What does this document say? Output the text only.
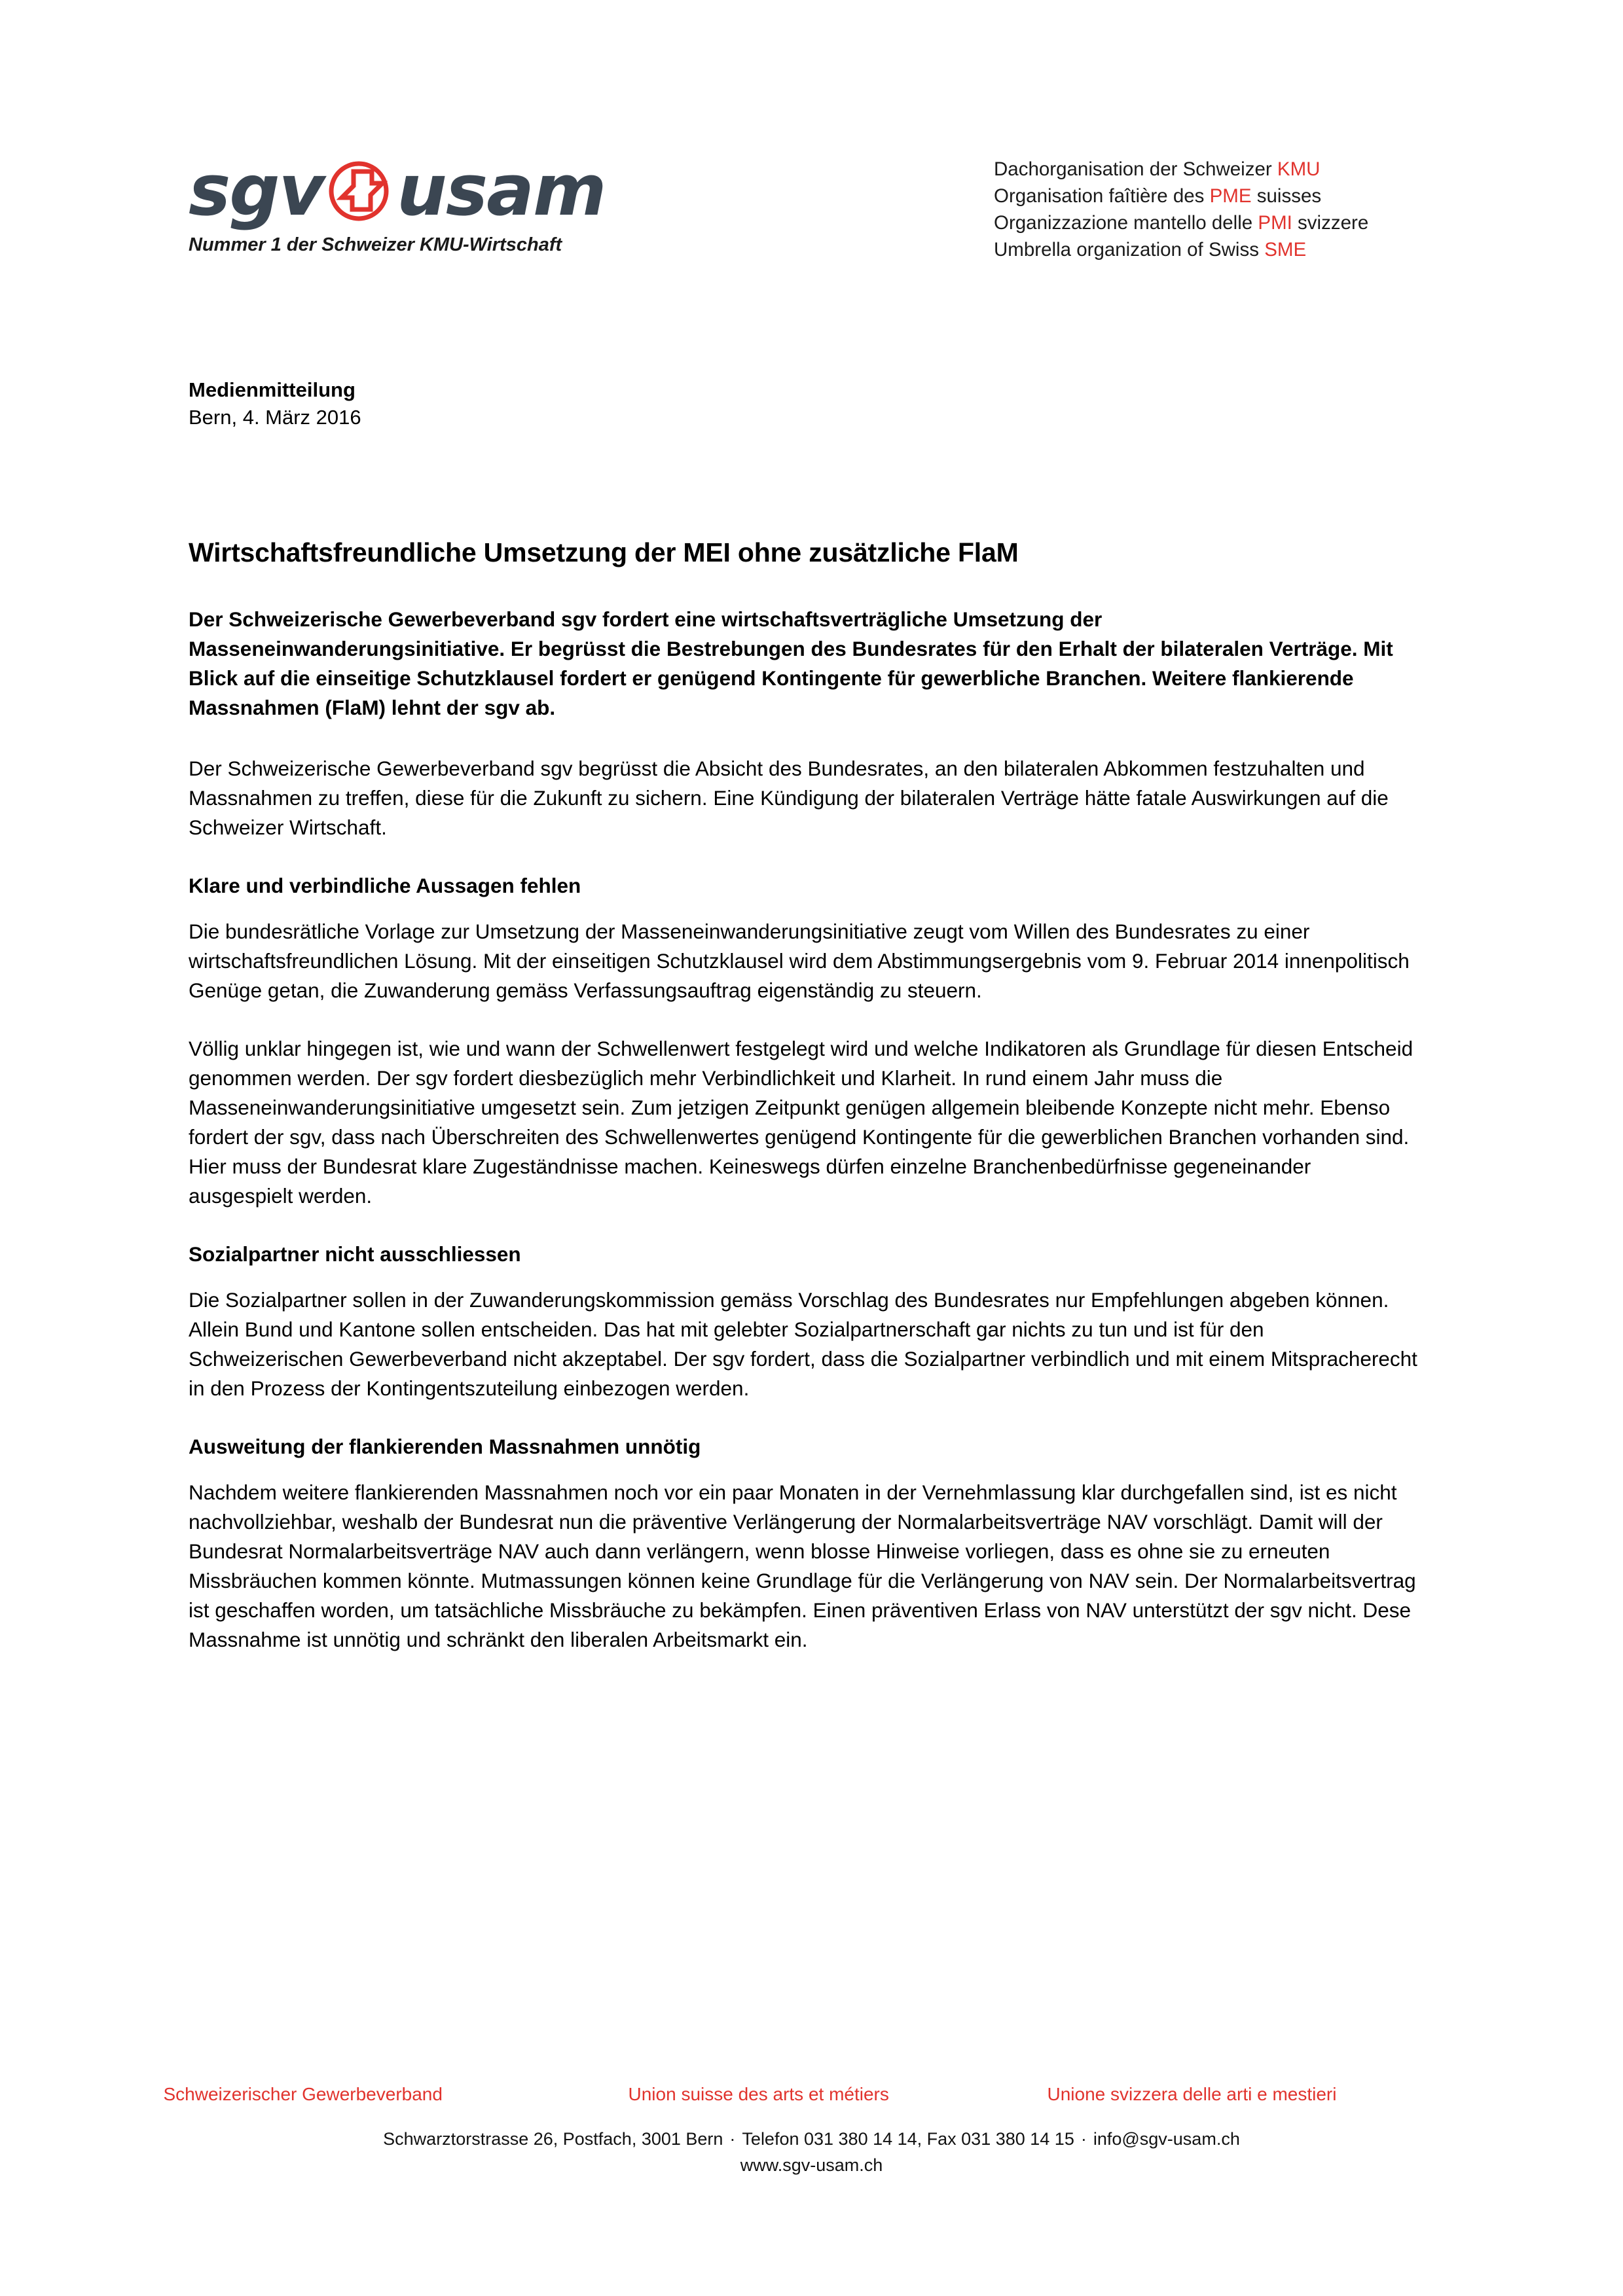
sgv usam
Nummer 1 der Schweizer KMU-Wirtschaft
Dachorganisation der Schweizer KMU
Organisation faîtière des PME suisses
Organizzazione mantello delle PMI svizzere
Umbrella organization of Swiss SME
Medienmitteilung
Bern, 4. März 2016
Wirtschaftsfreundliche Umsetzung der MEI ohne zusätzliche FlaM

Der Schweizerische Gewerbeverband sgv fordert eine wirtschaftsverträgliche Umsetzung der Masseneinwanderungsinitiative. Er begrüsst die Bestrebungen des Bundesrates für den Erhalt der bilateralen Verträge. Mit Blick auf die einseitige Schutzklausel fordert er genügend Kontingente für gewerbliche Branchen. Weitere flankierende Massnahmen (FlaM) lehnt der sgv ab.

Der Schweizerische Gewerbeverband sgv begrüsst die Absicht des Bundesrates, an den bilateralen Abkommen festzuhalten und Massnahmen zu treffen, diese für die Zukunft zu sichern. Eine Kündigung der bilateralen Verträge hätte fatale Auswirkungen auf die Schweizer Wirtschaft.

Klare und verbindliche Aussagen fehlen

Die bundesrätliche Vorlage zur Umsetzung der Masseneinwanderungsinitiative zeugt vom Willen des Bundesrates zu einer wirtschaftsfreundlichen Lösung. Mit der einseitigen Schutzklausel wird dem Abstimmungsergebnis vom 9. Februar 2014 innenpolitisch Genüge getan, die Zuwanderung gemäss Verfassungsauftrag eigenständig zu steuern.

Völlig unklar hingegen ist, wie und wann der Schwellenwert festgelegt wird und welche Indikatoren als Grundlage für diesen Entscheid genommen werden. Der sgv fordert diesbezüglich mehr Verbindlichkeit und Klarheit. In rund einem Jahr muss die Masseneinwanderungsinitiative umgesetzt sein. Zum jetzigen Zeitpunkt genügen allgemein bleibende Konzepte nicht mehr. Ebenso fordert der sgv, dass nach Überschreiten des Schwellenwertes genügend Kontingente für die gewerblichen Branchen vorhanden sind. Hier muss der Bundesrat klare Zugeständnisse machen. Keineswegs dürfen einzelne Branchenbedürfnisse gegeneinander ausgespielt werden.

Sozialpartner nicht ausschliessen

Die Sozialpartner sollen in der Zuwanderungskommission gemäss Vorschlag des Bundesrates nur Empfehlungen abgeben können. Allein Bund und Kantone sollen entscheiden. Das hat mit gelebter Sozialpartnerschaft gar nichts zu tun und ist für den Schweizerischen Gewerbeverband nicht akzeptabel. Der sgv fordert, dass die Sozialpartner verbindlich und mit einem Mitspracherecht in den Prozess der Kontingentszuteilung einbezogen werden.

Ausweitung der flankierenden Massnahmen unnötig

Nachdem weitere flankierenden Massnahmen noch vor ein paar Monaten in der Vernehmlassung klar durchgefallen sind, ist es nicht nachvollziehbar, weshalb der Bundesrat nun die präventive Verlängerung der Normalarbeitsverträge NAV vorschlägt. Damit will der Bundesrat Normalarbeitsverträge NAV auch dann verlängern, wenn blosse Hinweise vorliegen, dass es ohne sie zu erneuten Missbräuchen kommen könnte. Mutmassungen können keine Grundlage für die Verlängerung von NAV sein. Der Normalarbeitsvertrag ist geschaffen worden, um tatsächliche Missbräuche zu bekämpfen. Einen präventiven Erlass von NAV unterstützt der sgv nicht. Dese Massnahme ist unnötig und schränkt den liberalen Arbeitsmarkt ein.

Schweizerischer Gewerbeverband	Union suisse des arts et métiers	Unione svizzera delle arti e mestieri
Schwarztorstrasse 26, Postfach, 3001 Bern · Telefon 031 380 14 14, Fax 031 380 14 15 · info@sgv-usam.ch
www.sgv-usam.ch
